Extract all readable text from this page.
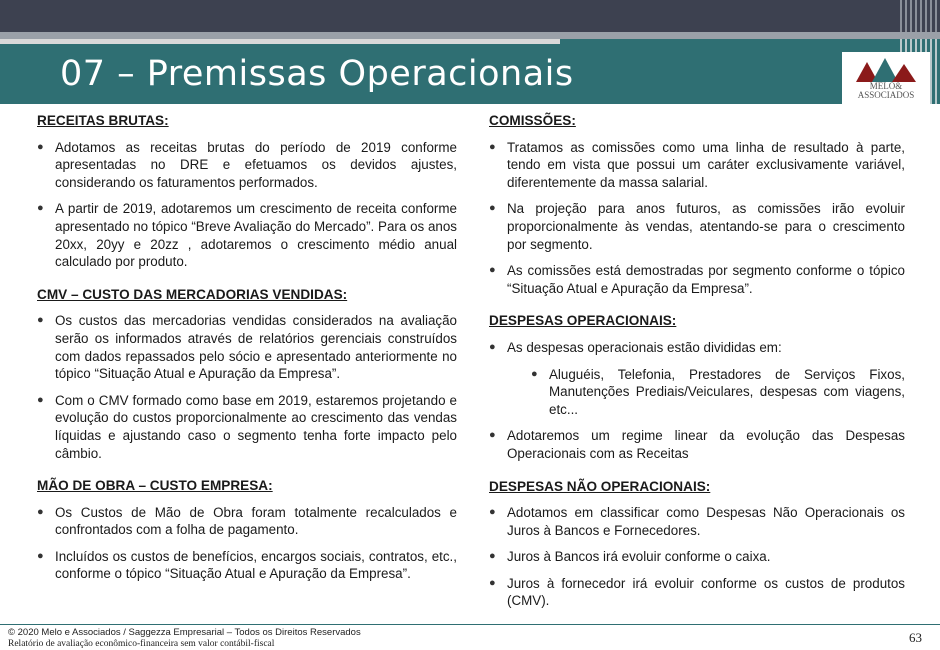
07 – Premissas Operacionais	MELO&
ASSOCIADOS
RECEITAS BRUTAS:
● Adotamos as receitas brutas do período de 2019 conforme apresentadas no DRE e efetuamos os devidos ajustes, considerando os faturamentos performados.
● A partir de 2019, adotaremos um crescimento de receita conforme apresentado no tópico “Breve Avaliação do Mercado”. Para os anos 20xx, 20yy e 20zz , adotaremos o crescimento médio anual calculado por produto.
CMV – CUSTO DAS MERCADORIAS VENDIDAS:
● Os custos das mercadorias vendidas considerados na avaliação serão os informados através de relatórios gerenciais construídos com dados repassados pelo sócio e apresentado anteriormente no tópico “Situação Atual e Apuração da Empresa”.
● Com o CMV formado como base em 2019, estaremos projetando e evolução do custos proporcionalmente ao crescimento das vendas líquidas e ajustando caso o segmento tenha forte impacto pelo câmbio.
MÃO DE OBRA – CUSTO EMPRESA:
● Os Custos de Mão de Obra foram totalmente recalculados e confrontados com a folha de pagamento.
● Incluídos os custos de benefícios, encargos sociais, contratos, etc., conforme o tópico “Situação Atual e Apuração da Empresa”.
COMISSÕES:
● Tratamos as comissões como uma linha de resultado à parte, tendo em vista que possui um caráter exclusivamente variável, diferentemente da massa salarial.
● Na projeção para anos futuros, as comissões irão evoluir proporcionalmente às vendas, atentando-se para o crescimento por segmento.
● As comissões está demostradas por segmento conforme o tópico “Situação Atual e Apuração da Empresa”.
DESPESAS OPERACIONAIS:
● As despesas operacionais estão divididas em:
● Aluguéis, Telefonia, Prestadores de Serviços Fixos, Manutenções Prediais/Veiculares, despesas com viagens, etc...
● Adotaremos um regime linear da evolução das Despesas Operacionais com as Receitas
DESPESAS NÃO OPERACIONAIS:
● Adotamos em classificar como Despesas Não Operacionais os Juros à Bancos e Fornecedores.
● Juros à Bancos irá evoluir conforme o caixa.
● Juros à fornecedor irá evoluir conforme os custos de produtos (CMV).
© 2020 Melo e Associados / Saggezza Empresarial – Todos os Direitos Reservados
Relatório de avaliação econômico-financeira sem valor contábil-fiscal	63
